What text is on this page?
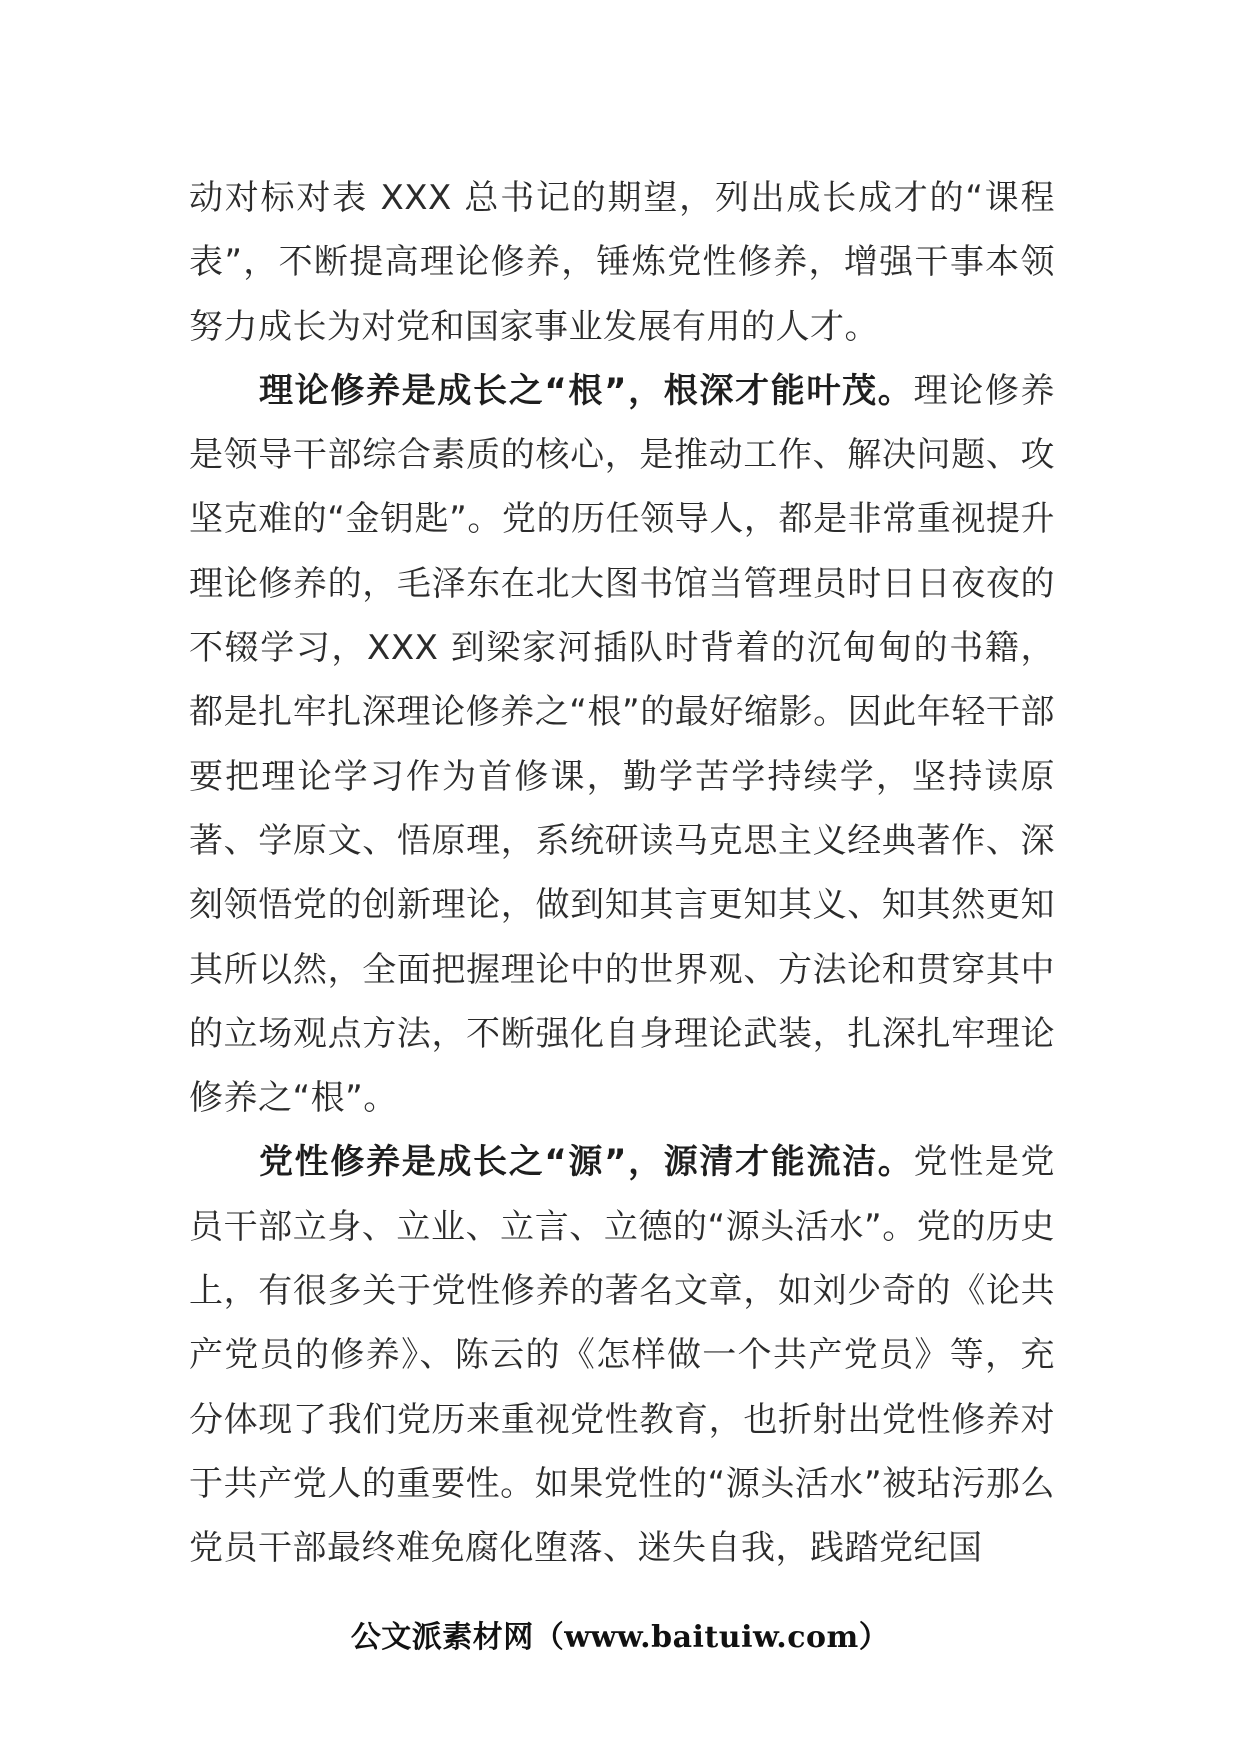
动对标对表 XXX 总书记的期望，列出成长成才的“课程表”，不断提高理论修养，锤炼党性修养，增强干事本领努力成长为对党和国家事业发展有用的人才。

理论修养是成长之“根”，根深才能叶茂。理论修养是领导干部综合素质的核心，是推动工作、解决问题、攻坚克难的“金钥匙”。党的历任领导人，都是非常重视提升理论修养的，毛泽东在北大图书馆当管理员时日日夜夜的不辍学习，XXX 到梁家河插队时背着的沉甸甸的书籍，都是扎牢扎深理论修养之“根”的最好缩影。因此年轻干部要把理论学习作为首修课，勤学苦学持续学，坚持读原著、学原文、悟原理，系统研读马克思主义经典著作、深刻领悟党的创新理论，做到知其言更知其义、知其然更知其所以然，全面把握理论中的世界观、方法论和贯穿其中的立场观点方法，不断强化自身理论武装，扎深扎牢理论修养之“根”。

党性修养是成长之“源”，源清才能流洁。党性是党员干部立身、立业、立言、立德的“源头活水”。党的历史上，有很多关于党性修养的著名文章，如刘少奇的《论共产党员的修养》、陈云的《怎样做一个共产党员》等，充分体现了我们党历来重视党性教育，也折射出党性修养对于共产党人的重要性。如果党性的“源头活水”被玷污那么党员干部最终难免腐化堕落、迷失自我，践踏党纪国

公文派素材网（www.baituiw.com）
